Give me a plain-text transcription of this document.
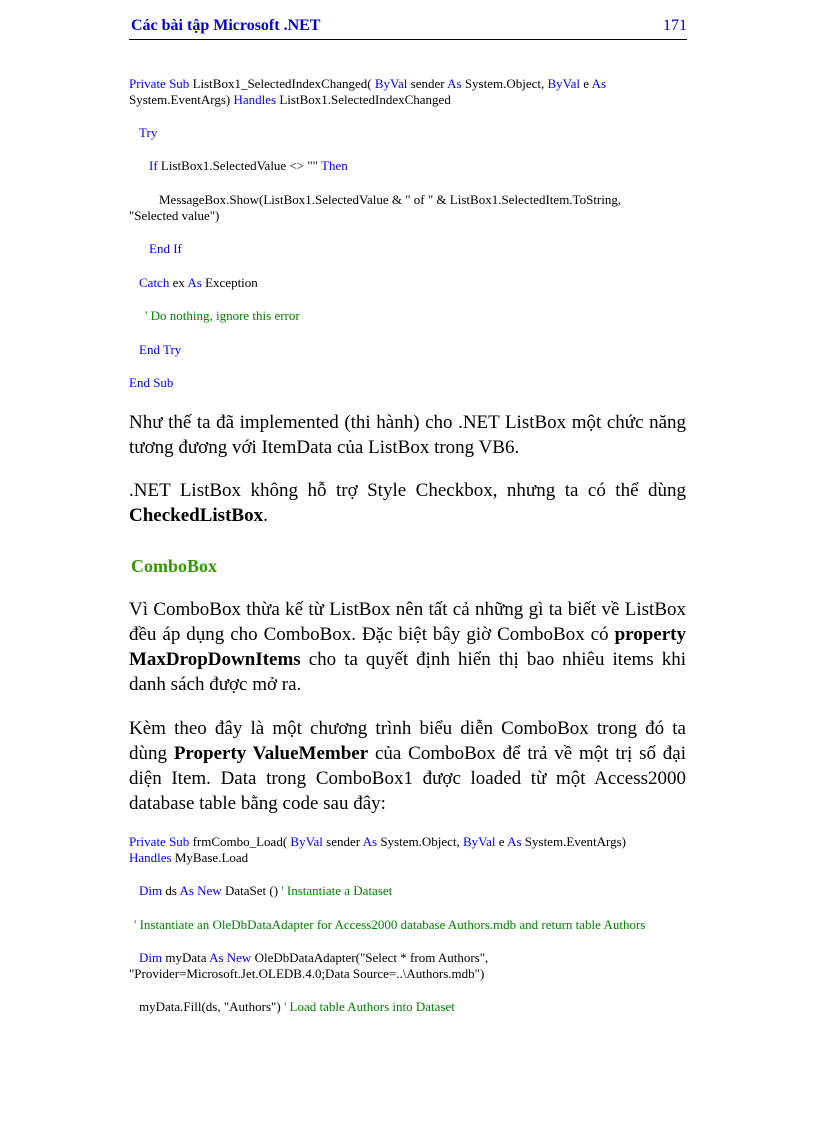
Các bài tập Microsoft .NET	171
Private Sub ListBox1_SelectedIndexChanged( ByVal sender As System.Object, ByVal e As
System.EventArgs) Handles ListBox1.SelectedIndexChanged
Try
If ListBox1.SelectedValue <> "" Then
MessageBox.Show(ListBox1.SelectedValue & " of " & ListBox1.SelectedItem.ToString,
"Selected value")
End If
Catch ex As Exception
' Do nothing, ignore this error
End Try
End Sub
Như thế ta đã implemented (thi hành) cho .NET ListBox một chức năng tương đương với ItemData của ListBox trong VB6.
.NET ListBox không hỗ trợ Style Checkbox, nhưng ta có thể dùng CheckedListBox.
ComboBox
Vì ComboBox thừa kế từ ListBox nên tất cả những gì ta biết về ListBox đều áp dụng cho ComboBox. Đặc biệt bây giờ ComboBox có property MaxDropDownItems cho ta quyết định hiển thị bao nhiêu items khi danh sách được mở ra.
Kèm theo đây là một chương trình biểu diễn ComboBox trong đó ta dùng Property ValueMember của ComboBox để trả về một trị số đại diện Item. Data trong ComboBox1 được loaded từ một Access2000 database table bằng code sau đây:
Private Sub frmCombo_Load( ByVal sender As System.Object, ByVal e As System.EventArgs)
Handles MyBase.Load
Dim ds As New DataSet () ' Instantiate a Dataset
' Instantiate an OleDbDataAdapter for Access2000 database Authors.mdb and return table Authors
Dim myData As New OleDbDataAdapter("Select * from Authors",
"Provider=Microsoft.Jet.OLEDB.4.0;Data Source=..\Authors.mdb")
myData.Fill(ds, "Authors") ' Load table Authors into Dataset
